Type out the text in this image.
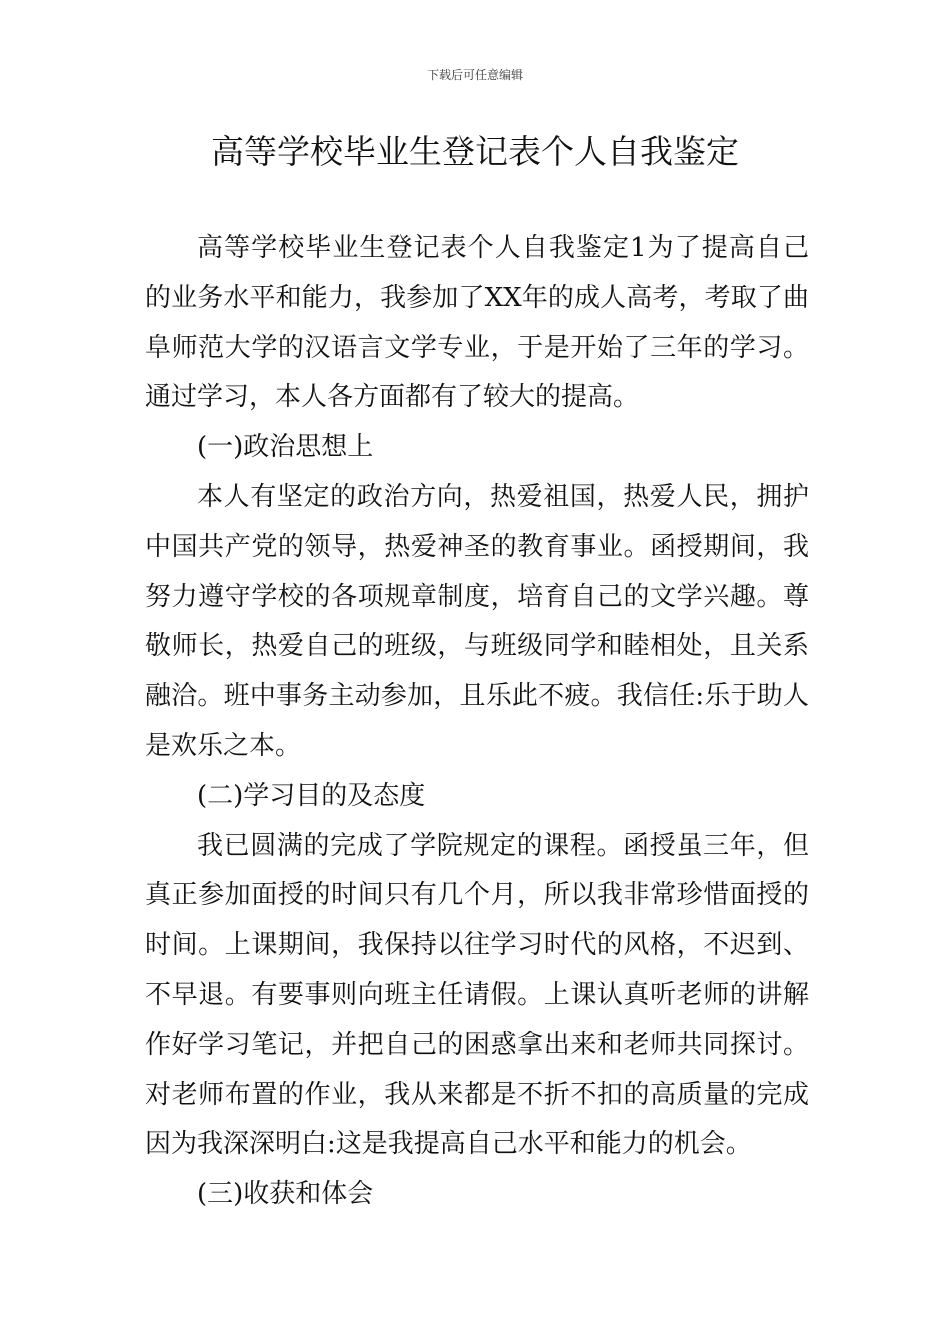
下载后可任意编辑
高等学校毕业生登记表个人自我鉴定

高等学校毕业生登记表个人自我鉴定1为了提高自己的业务水平和能力，我参加了XX年的成人高考，考取了曲阜师范大学的汉语言文学专业，于是开始了三年的学习。通过学习，本人各方面都有了较大的提高。

(一)政治思想上

本人有坚定的政治方向，热爱祖国，热爱人民，拥护中国共产党的领导，热爱神圣的教育事业。函授期间，我努力遵守学校的各项规章制度，培育自己的文学兴趣。尊敬师长，热爱自己的班级，与班级同学和睦相处，且关系融洽。班中事务主动参加，且乐此不疲。我信任:乐于助人是欢乐之本。

(二)学习目的及态度

我已圆满的完成了学院规定的课程。函授虽三年，但真正参加面授的时间只有几个月，所以我非常珍惜面授的时间。上课期间，我保持以往学习时代的风格，不迟到、不早退。有要事则向班主任请假。上课认真听老师的讲解作好学习笔记，并把自己的困惑拿出来和老师共同探讨。对老师布置的作业，我从来都是不折不扣的高质量的完成因为我深深明白:这是我提高自己水平和能力的机会。

(三)收获和体会
